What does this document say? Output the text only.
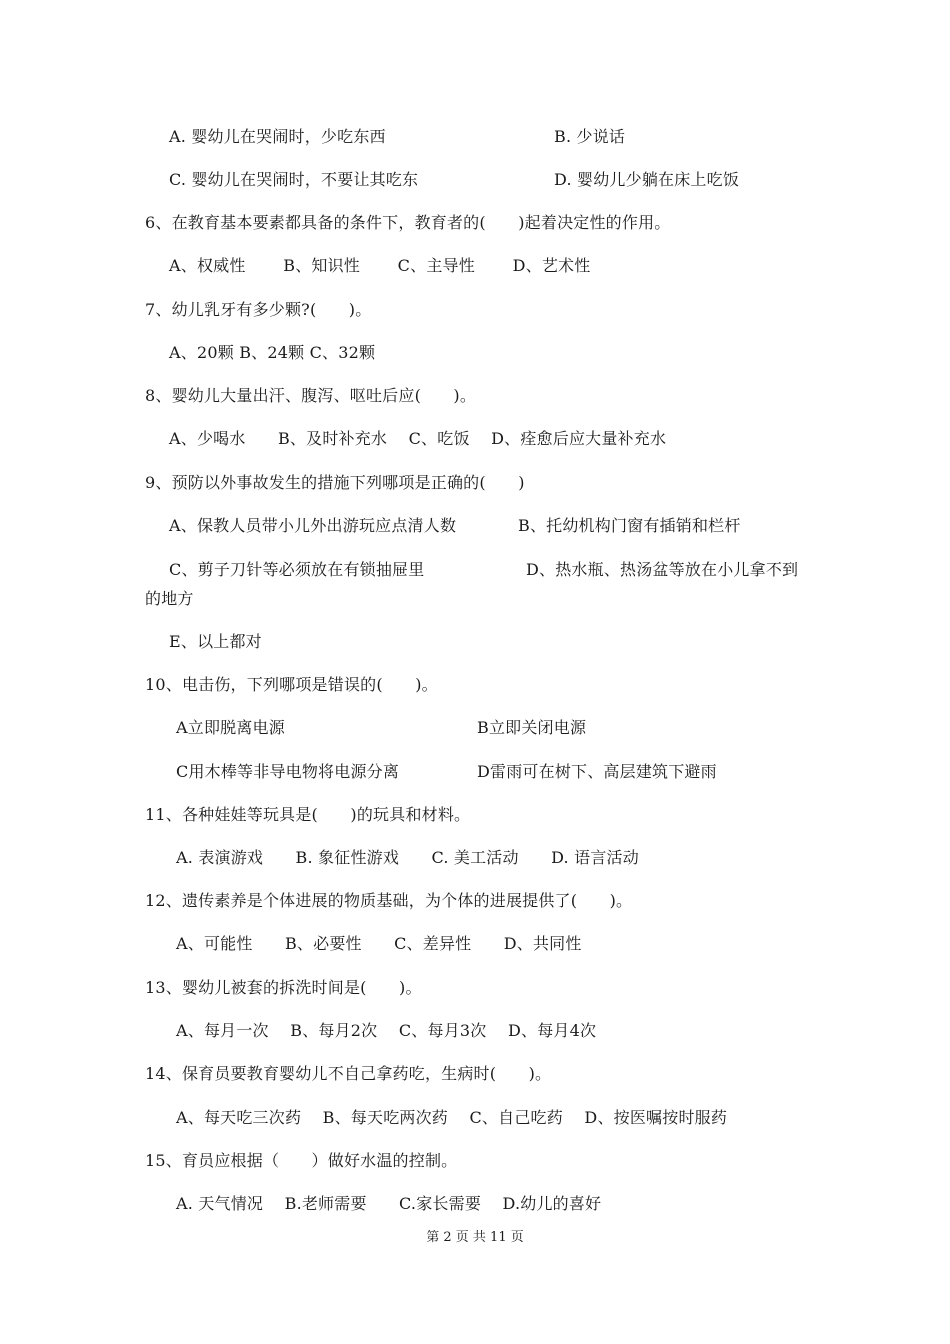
A. 婴幼儿在哭闹时，少吃东西	B. 少说话
C. 婴幼儿在哭闹时，不要让其吃东	D. 婴幼儿少躺在床上吃饭
6、在教育基本要素都具备的条件下，教育者的(　　)起着决定性的作用。
A、权威性　　 B、知识性　　 C、主导性　　 D、艺术性
7、幼儿乳牙有多少颗?(　　)。
A、20颗 B、24颗 C、32颗
8、婴幼儿大量出汗、腹泻、呕吐后应(　　)。
A、少喝水　　B、及时补充水　 C、吃饭　 D、痊愈后应大量补充水
9、预防以外事故发生的措施下列哪项是正确的(　　)
A、保教人员带小儿外出游玩应点清人数	B、托幼机构门窗有插销和栏杆
C、剪子刀针等必须放在有锁抽屉里	D、热水瓶、热汤盆等放在小儿拿不到
的地方
E、以上都对
10、电击伤，下列哪项是错误的(　　)。
A立即脱离电源	B立即关闭电源
C用木棒等非导电物将电源分离	D雷雨可在树下、高层建筑下避雨
11、各种娃娃等玩具是(　　)的玩具和材料。
A. 表演游戏　　B. 象征性游戏　　C. 美工活动　　D. 语言活动
12、遗传素养是个体进展的物质基础，为个体的进展提供了(　　)。
A、可能性　　B、必要性　　C、差异性　　D、共同性
13、婴幼儿被套的拆洗时间是(　　)。
A、每月一次　 B、每月2次　 C、每月3次　 D、每月4次
14、保育员要教育婴幼儿不自己拿药吃，生病时(　　)。
A、每天吃三次药　 B、每天吃两次药　 C、自己吃药　 D、按医嘱按时服药
15、育员应根据（　　）做好水温的控制。
A. 天气情况　 B.老师需要　　C.家长需要　 D.幼儿的喜好
第 2 页 共 11 页
